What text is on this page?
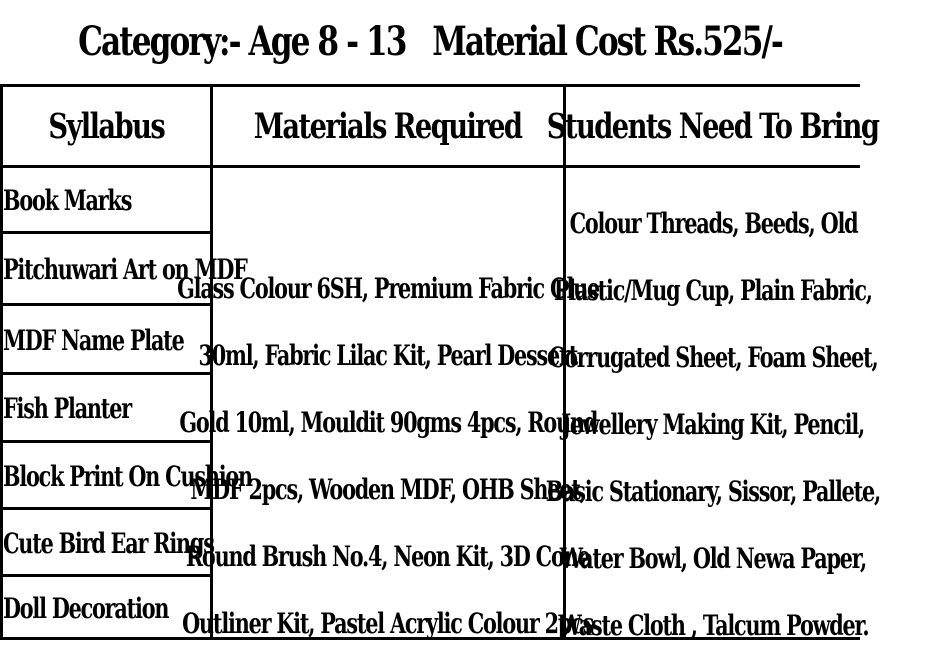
Category:- Age 8 - 13   Material Cost Rs.525/-
Syllabus	Materials Required Students Need To Bring
Book Marks
Pitchuwari Art on MDF
MDF Name Plate
Fish Planter
Block Print On Cushion
Cute Bird Ear Rings
Doll Decoration
Glass Colour 6SH, Premium Fabric Glue
30ml, Fabric Lilac Kit, Pearl Dessert
Gold 10ml, Mouldit 90gms 4pcs, Round
MDF 2pcs, Wooden MDF, OHB Sheet,
Round Brush No.4, Neon Kit, 3D Cone
Outliner Kit, Pastel Acrylic Colour 2pcs
Colour Threads, Beeds, Old
Plastic/Mug Cup, Plain Fabric,
Corrugated Sheet, Foam Sheet,
Jewellery Making Kit, Pencil,
Basic Stationary, Sissor, Pallete,
Water Bowl, Old Newa Paper,
Waste Cloth , Talcum Powder.
